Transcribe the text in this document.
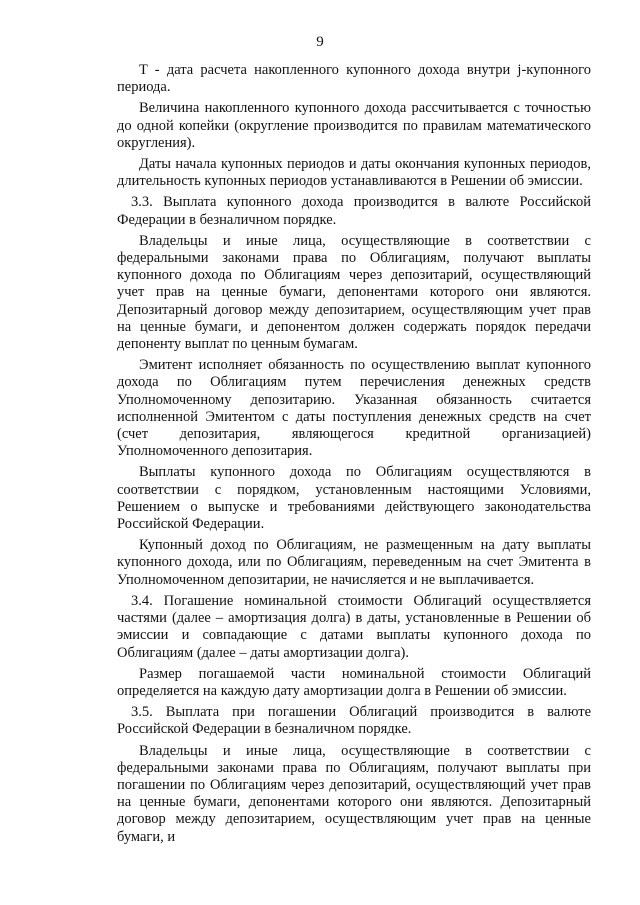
9

T - дата расчета накопленного купонного дохода внутри j-купонного периода.

Величина накопленного купонного дохода рассчитывается с точностью до одной копейки (округление производится по правилам математического округления).

Даты начала купонных периодов и даты окончания купонных периодов, длительность купонных периодов устанавливаются в Решении об эмиссии.

3.3. Выплата купонного дохода производится в валюте Российской Федерации в безналичном порядке.

Владельцы и иные лица, осуществляющие в соответствии с федеральными законами права по Облигациям, получают выплаты купонного дохода по Облигациям через депозитарий, осуществляющий учет прав на ценные бумаги, депонентами которого они являются. Депозитарный договор между депозитарием, осуществляющим учет прав на ценные бумаги, и депонентом должен содержать порядок передачи депоненту выплат по ценным бумагам.

Эмитент исполняет обязанность по осуществлению выплат купонного дохода по Облигациям путем перечисления денежных средств Уполномоченному депозитарию. Указанная обязанность считается исполненной Эмитентом с даты поступления денежных средств на счет (счет депозитария, являющегося кредитной организацией) Уполномоченного депозитария.

Выплаты купонного дохода по Облигациям осуществляются в соответствии с порядком, установленным настоящими Условиями, Решением о выпуске и требованиями действующего законодательства Российской Федерации.

Купонный доход по Облигациям, не размещенным на дату выплаты купонного дохода, или по Облигациям, переведенным на счет Эмитента в Уполномоченном депозитарии, не начисляется и не выплачивается.

3.4. Погашение номинальной стоимости Облигаций осуществляется частями (далее – амортизация долга) в даты, установленные в Решении об эмиссии и совпадающие с датами выплаты купонного дохода по Облигациям (далее – даты амортизации долга).

Размер погашаемой части номинальной стоимости Облигаций определяется на каждую дату амортизации долга в Решении об эмиссии.

3.5. Выплата при погашении Облигаций производится в валюте Российской Федерации в безналичном порядке.

Владельцы и иные лица, осуществляющие в соответствии с федеральными законами права по Облигациям, получают выплаты при погашении по Облигациям через депозитарий, осуществляющий учет прав на ценные бумаги, депонентами которого они являются. Депозитарный договор между депозитарием, осуществляющим учет прав на ценные бумаги, и
